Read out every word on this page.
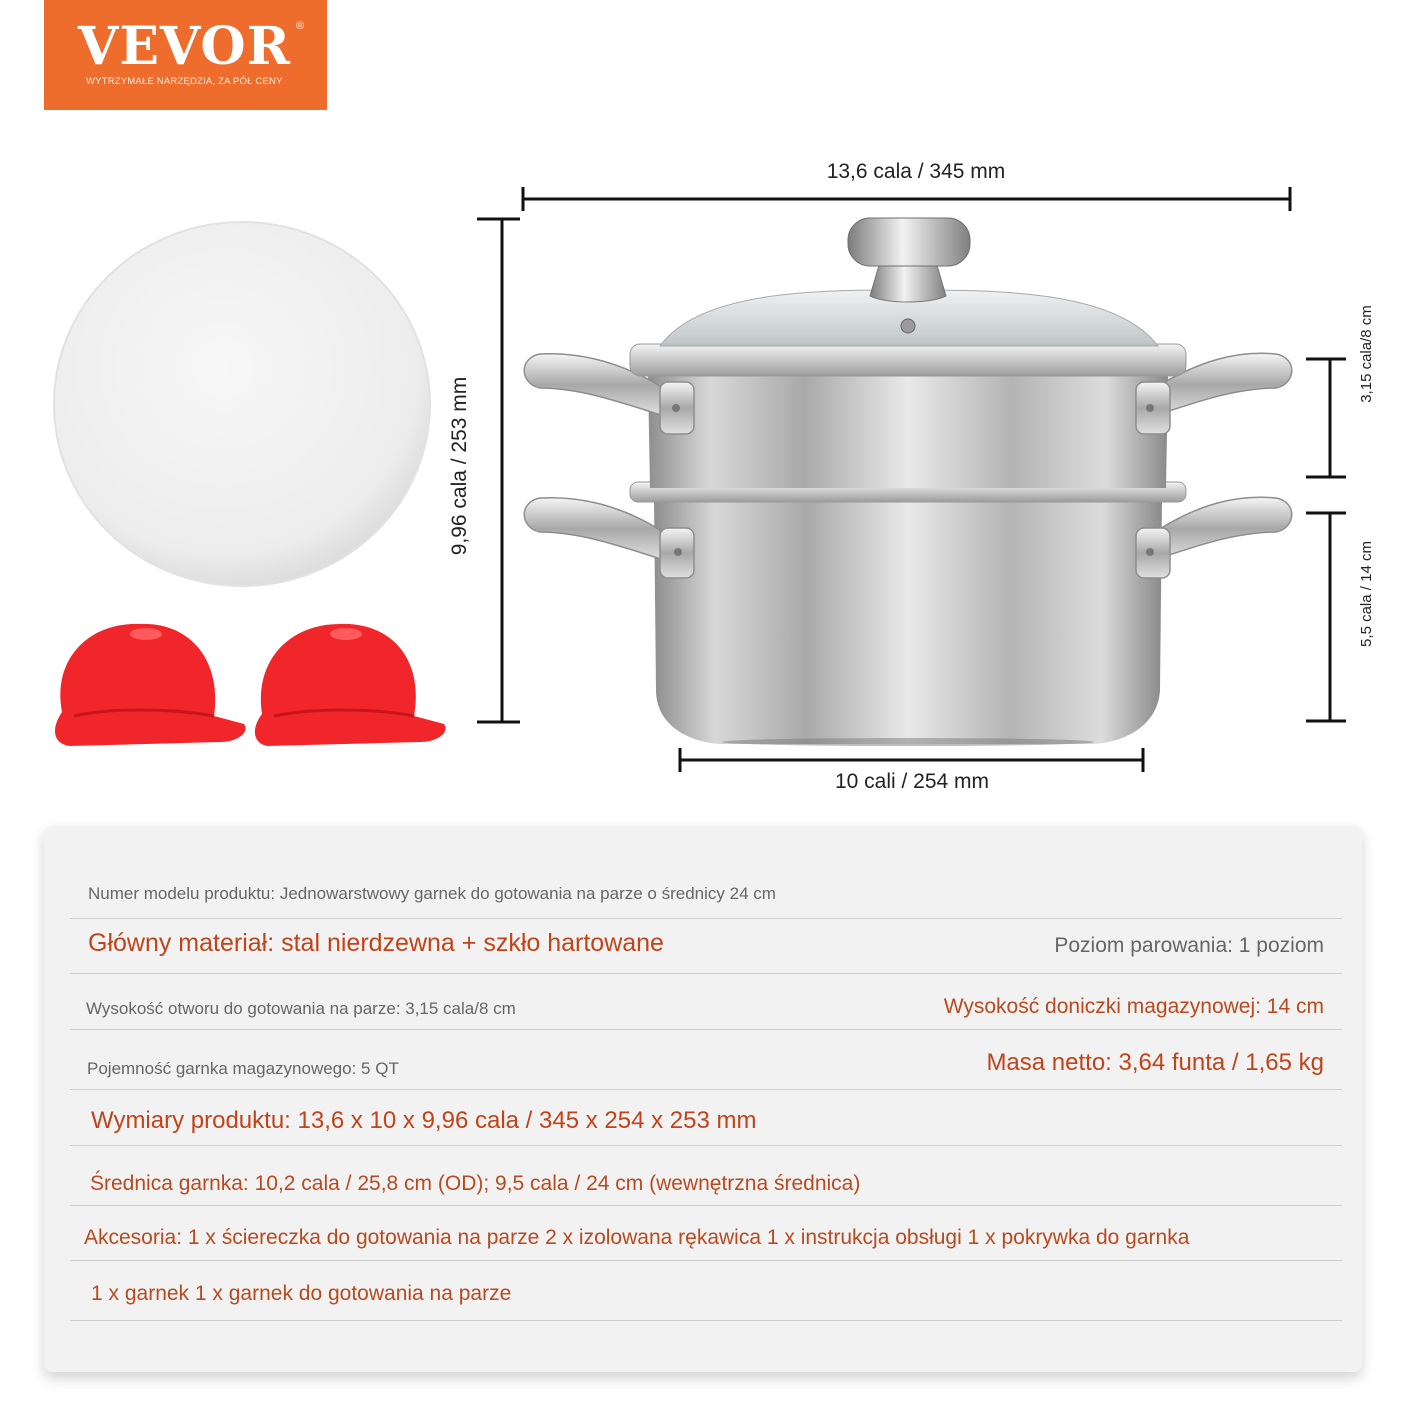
VEVOR ®
WYTRZYMAŁE NARZĘDZIA, ZA PÓŁ CENY
13,6 cala / 345 mm
9,96 cala / 253 mm
3,15 cala/8 cm
5,5 cala / 14 cm
10 cali / 254 mm
Numer modelu produktu: Jednowarstwowy garnek do gotowania na parze o średnicy 24 cm
Główny materiał: stal nierdzewna + szkło hartowane	Poziom parowania: 1 poziom
Wysokość otworu do gotowania na parze: 3,15 cala/8 cm	Wysokość doniczki magazynowej: 14 cm
Pojemność garnka magazynowego: 5 QT	Masa netto: 3,64 funta / 1,65 kg
Wymiary produktu: 13,6 x 10 x 9,96 cala / 345 x 254 x 253 mm
Średnica garnka: 10,2 cala / 25,8 cm (OD); 9,5 cala / 24 cm (wewnętrzna średnica)
Akcesoria: 1 x ściereczka do gotowania na parze 2 x izolowana rękawica 1 x instrukcja obsługi 1 x pokrywka do garnka
1 x garnek 1 x garnek do gotowania na parze
